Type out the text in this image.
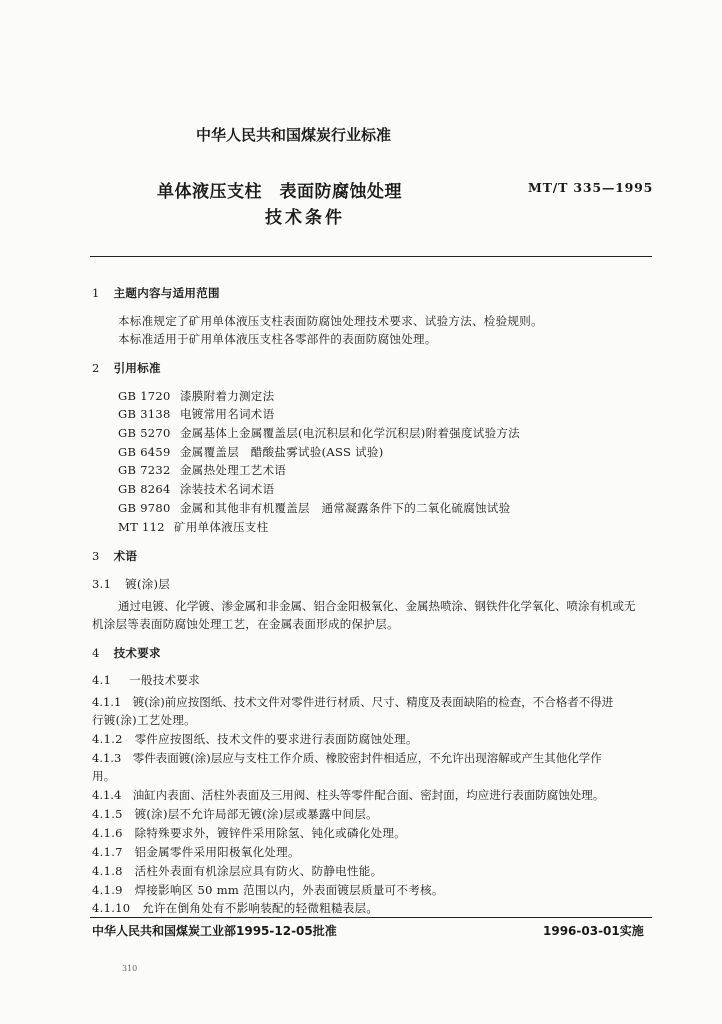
中华人民共和国煤炭行业标准
单体液压支柱　表面防腐蚀处理
技术条件
MT/T 335—1995
1 主题内容与适用范围
本标准规定了矿用单体液压支柱表面防腐蚀处理技术要求、试验方法、检验规则。
本标准适用于矿用单体液压支柱各零部件的表面防腐蚀处理。
2 引用标准
GB 1720 漆膜附着力测定法
GB 3138 电镀常用名词术语
GB 5270 金属基体上金属覆盖层(电沉积层和化学沉积层)附着强度试验方法
GB 6459 金属覆盖层　醋酸盐雾试验(ASS 试验)
GB 7232 金属热处理工艺术语
GB 8264 涂装技术名词术语
GB 9780 金属和其他非有机覆盖层　通常凝露条件下的二氧化硫腐蚀试验
MT 112 矿用单体液压支柱
3 术语
3.1 镀(涂)层
通过电镀、化学镀、渗金属和非金属、铝合金阳极氧化、金属热喷涂、钢铁件化学氧化、喷涂有机或无
机涂层等表面防腐蚀处理工艺，在金属表面形成的保护层。
4 技术要求
4.1 一般技术要求
4.1.1　 镀(涂)前应按图纸、技术文件对零件进行材质、尺寸、精度及表面缺陷的检查，不合格者不得进
行镀(涂)工艺处理。
4.1.2　 零件应按图纸、技术文件的要求进行表面防腐蚀处理。
4.1.3　 零件表面镀(涂)层应与支柱工作介质、橡胶密封件相适应，不允许出现溶解或产生其他化学作
用。
4.1.4　 油缸内表面、活柱外表面及三用阀、柱头等零件配合面、密封面，均应进行表面防腐蚀处理。
4.1.5　 镀(涂)层不允许局部无镀(涂)层或暴露中间层。
4.1.6　 除特殊要求外，镀锌件采用除氢、钝化或磷化处理。
4.1.7　 铝金属零件采用阳极氧化处理。
4.1.8　 活柱外表面有机涂层应具有防火、防静电性能。
4.1.9　 焊接影响区 50 mm 范围以内，外表面镀层质量可不考核。
4.1.10　 允许在倒角处有不影响装配的轻微粗糙表层。
中华人民共和国煤炭工业部1995-12-05批准	1996-03-01实施
310
